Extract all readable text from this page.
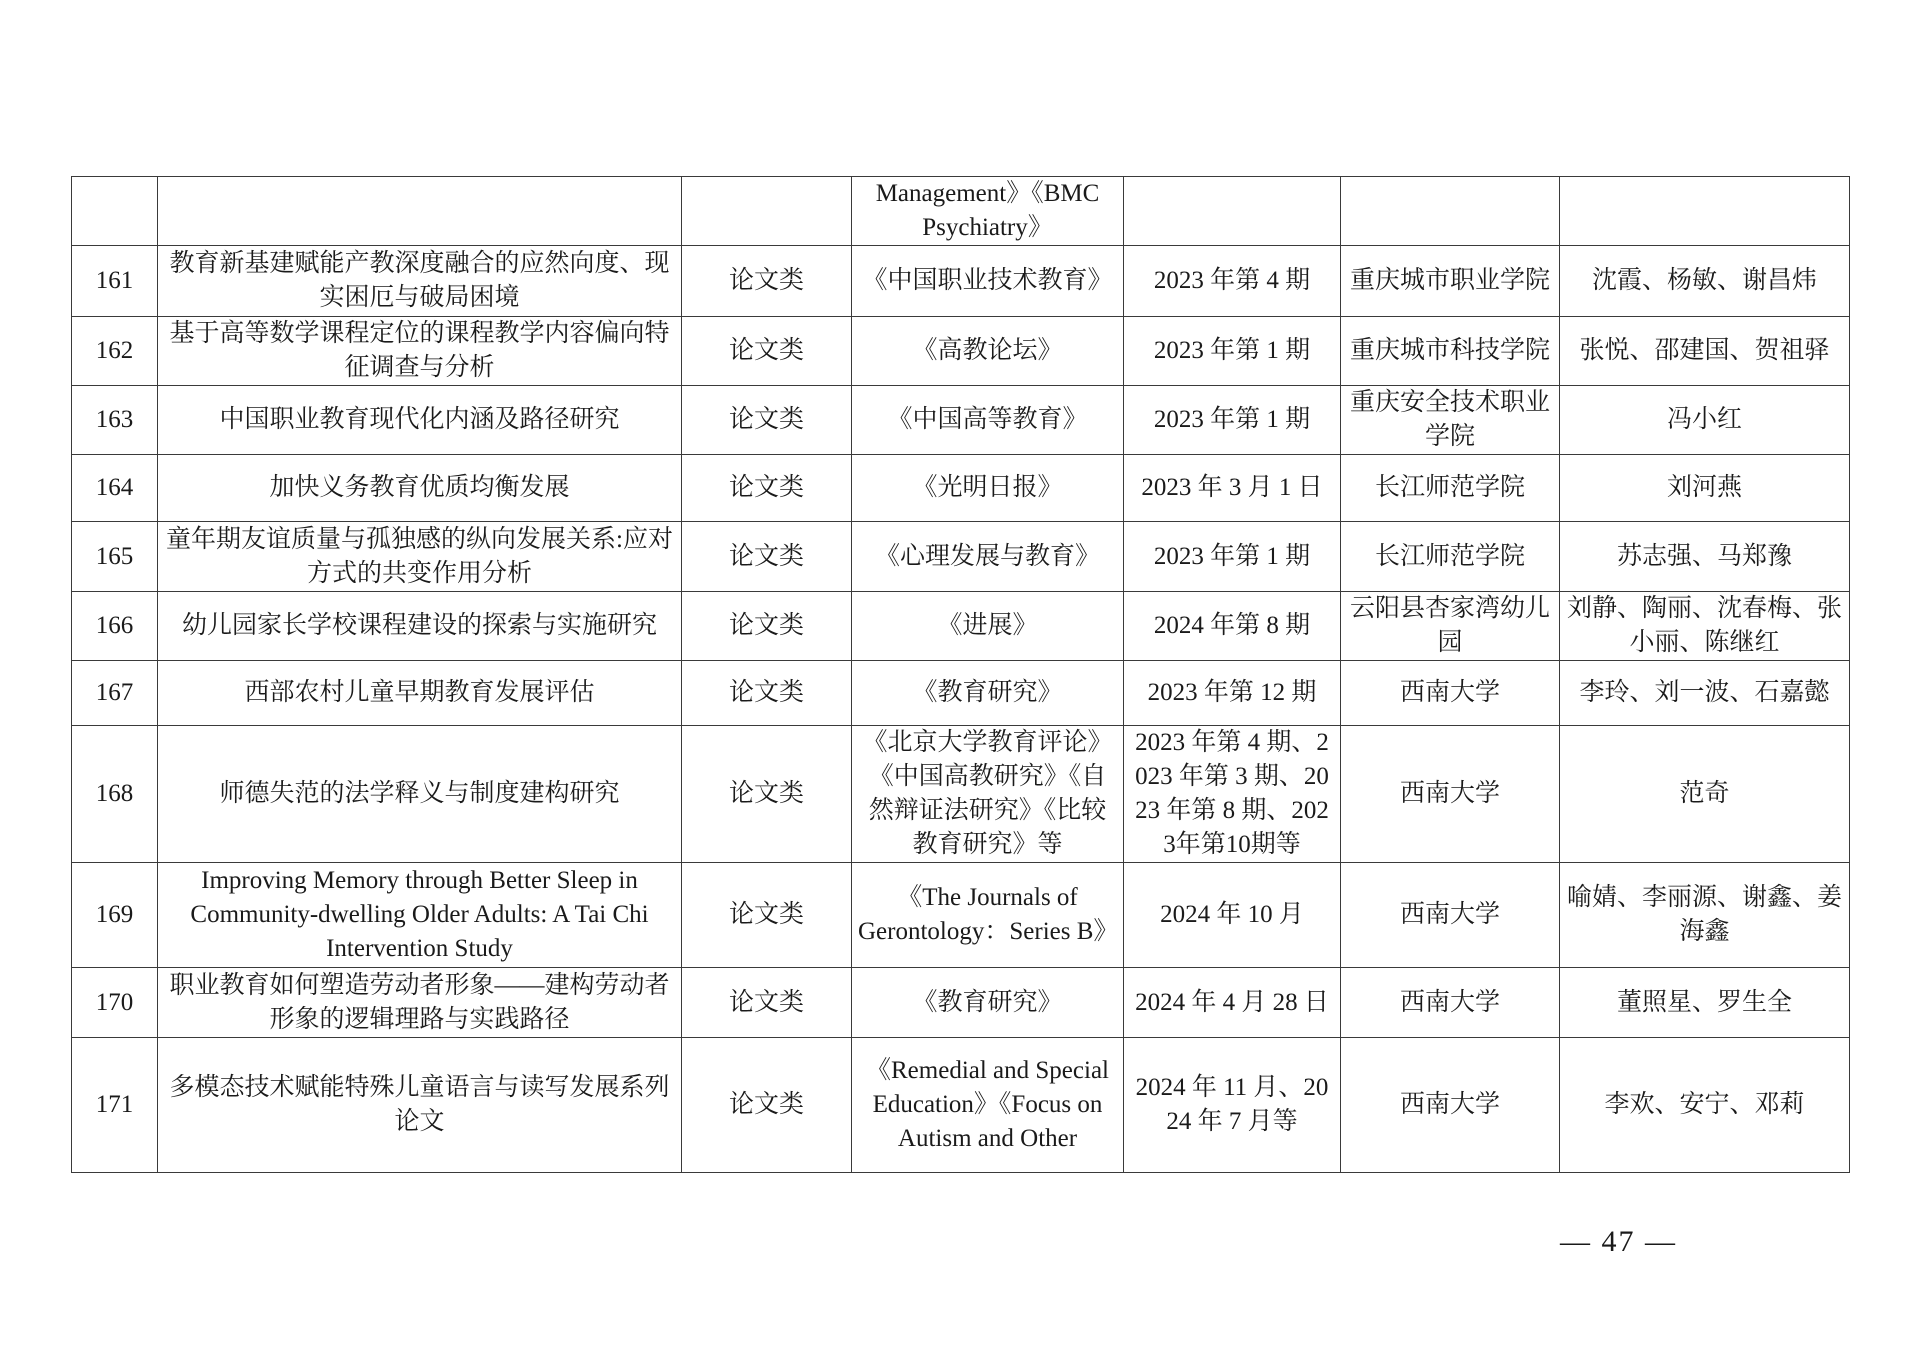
			Management》《BMC Psychiatry》			
161	教育新基建赋能产教深度融合的应然向度、现实困厄与破局困境	论文类	《中国职业技术教育》	2023 年第 4 期	重庆城市职业学院	沈霞、杨敏、谢昌炜
162	基于高等数学课程定位的课程教学内容偏向特征调查与分析	论文类	《高教论坛》	2023 年第 1 期	重庆城市科技学院	张悦、邵建国、贺祖驿
163	中国职业教育现代化内涵及路径研究	论文类	《中国高等教育》	2023 年第 1 期	重庆安全技术职业学院	冯小红
164	加快义务教育优质均衡发展	论文类	《光明日报》	2023 年 3 月 1 日	长江师范学院	刘河燕
165	童年期友谊质量与孤独感的纵向发展关系:应对方式的共变作用分析	论文类	《心理发展与教育》	2023 年第 1 期	长江师范学院	苏志强、马郑豫
166	幼儿园家长学校课程建设的探索与实施研究	论文类	《进展》	2024 年第 8 期	云阳县杏家湾幼儿园	刘静、陶丽、沈春梅、张小丽、陈继红
167	西部农村儿童早期教育发展评估	论文类	《教育研究》	2023 年第 12 期	西南大学	李玲、刘一波、石嘉懿
168	师德失范的法学释义与制度建构研究	论文类	《北京大学教育评论》《中国高教研究》《自然辩证法研究》《比较教育研究》等	2023 年第 4 期、2023 年第 3 期、2023 年第 8 期、2023年第10期等	西南大学	范奇
169	Improving Memory through Better Sleep in Community-dwelling Older Adults: A Tai Chi Intervention Study	论文类	《The Journals of Gerontology：Series B》	2024 年 10 月	西南大学	喻婧、李丽源、谢鑫、姜海鑫
170	职业教育如何塑造劳动者形象——建构劳动者形象的逻辑理路与实践路径	论文类	《教育研究》	2024 年 4 月 28 日	西南大学	董照星、罗生全
171	多模态技术赋能特殊儿童语言与读写发展系列论文	论文类	《Remedial and Special Education》《Focus on Autism and Other	2024 年 11 月、2024 年 7 月等	西南大学	李欢、安宁、邓莉
— 47 —
